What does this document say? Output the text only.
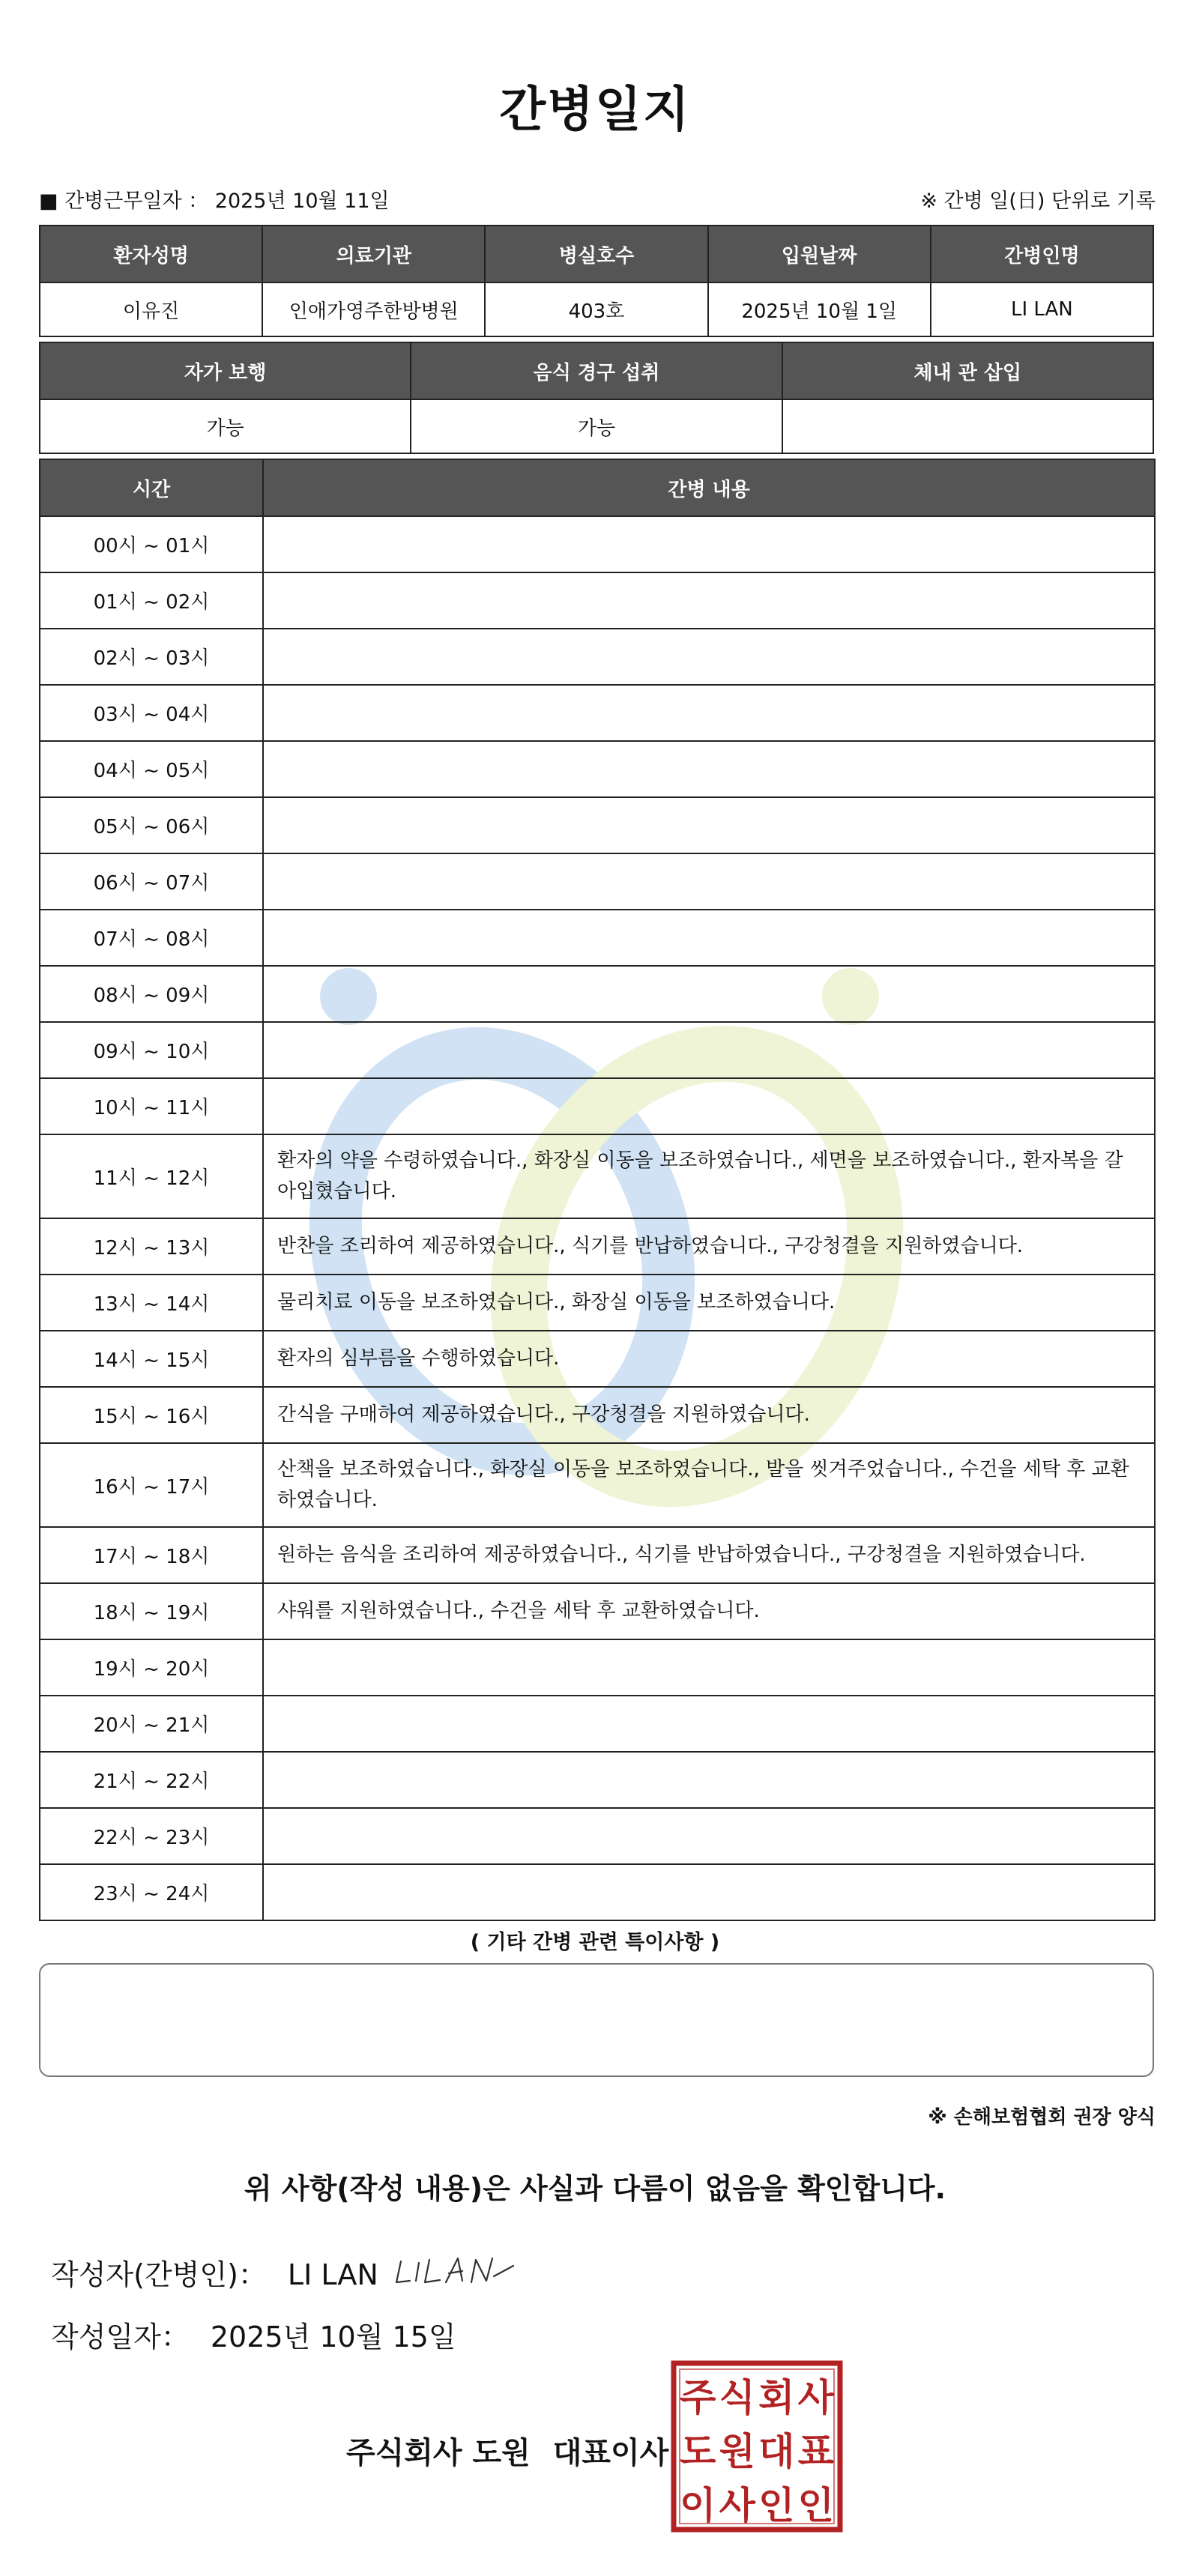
간병일지
■ 간병근무일자 ： 2025년 10월 11일	※ 간병 일(日) 단위로 기록
환자성명	의료기관	병실호수	입원날짜	간병인명
이유진	인애가영주한방병원	403호	2025년 10월 1일	LI LAN
자가 보행	음식 경구 섭취	체내 관 삽입
가능	가능	
시간	간병 내용
00시 ~ 01시	
01시 ~ 02시	
02시 ~ 03시	
03시 ~ 04시	
04시 ~ 05시	
05시 ~ 06시	
06시 ~ 07시	
07시 ~ 08시	
08시 ~ 09시	
09시 ~ 10시	
10시 ~ 11시	
11시 ~ 12시	환자의 약을 수령하였습니다., 화장실 이동을 보조하였습니다., 세면을 보조하였습니다., 환자복을 갈아입혔습니다.
12시 ~ 13시	반찬을 조리하여 제공하였습니다., 식기를 반납하였습니다., 구강청결을 지원하였습니다.
13시 ~ 14시	물리치료 이동을 보조하였습니다., 화장실 이동을 보조하였습니다.
14시 ~ 15시	환자의 심부름을 수행하였습니다.
15시 ~ 16시	간식을 구매하여 제공하였습니다., 구강청결을 지원하였습니다.
16시 ~ 17시	산책을 보조하였습니다., 화장실 이동을 보조하였습니다., 발을 씻겨주었습니다., 수건을 세탁 후 교환하였습니다.
17시 ~ 18시	원하는 음식을 조리하여 제공하였습니다., 식기를 반납하였습니다., 구강청결을 지원하였습니다.
18시 ~ 19시	샤워를 지원하였습니다., 수건을 세탁 후 교환하였습니다.
19시 ~ 20시	
20시 ~ 21시	
21시 ~ 22시	
22시 ~ 23시	
23시 ~ 24시	
( 기타 간병 관련 특이사항 )
※ 손해보험협회 권장 양식
위 사항(작성 내용)은 사실과 다름이 없음을 확인합니다.
작성자(간병인)： LI LAN
작성일자： 2025년 10월 15일
주식회사 도원 대표이사
주 식 회 사
도 원 대 표
이 사 인 인
